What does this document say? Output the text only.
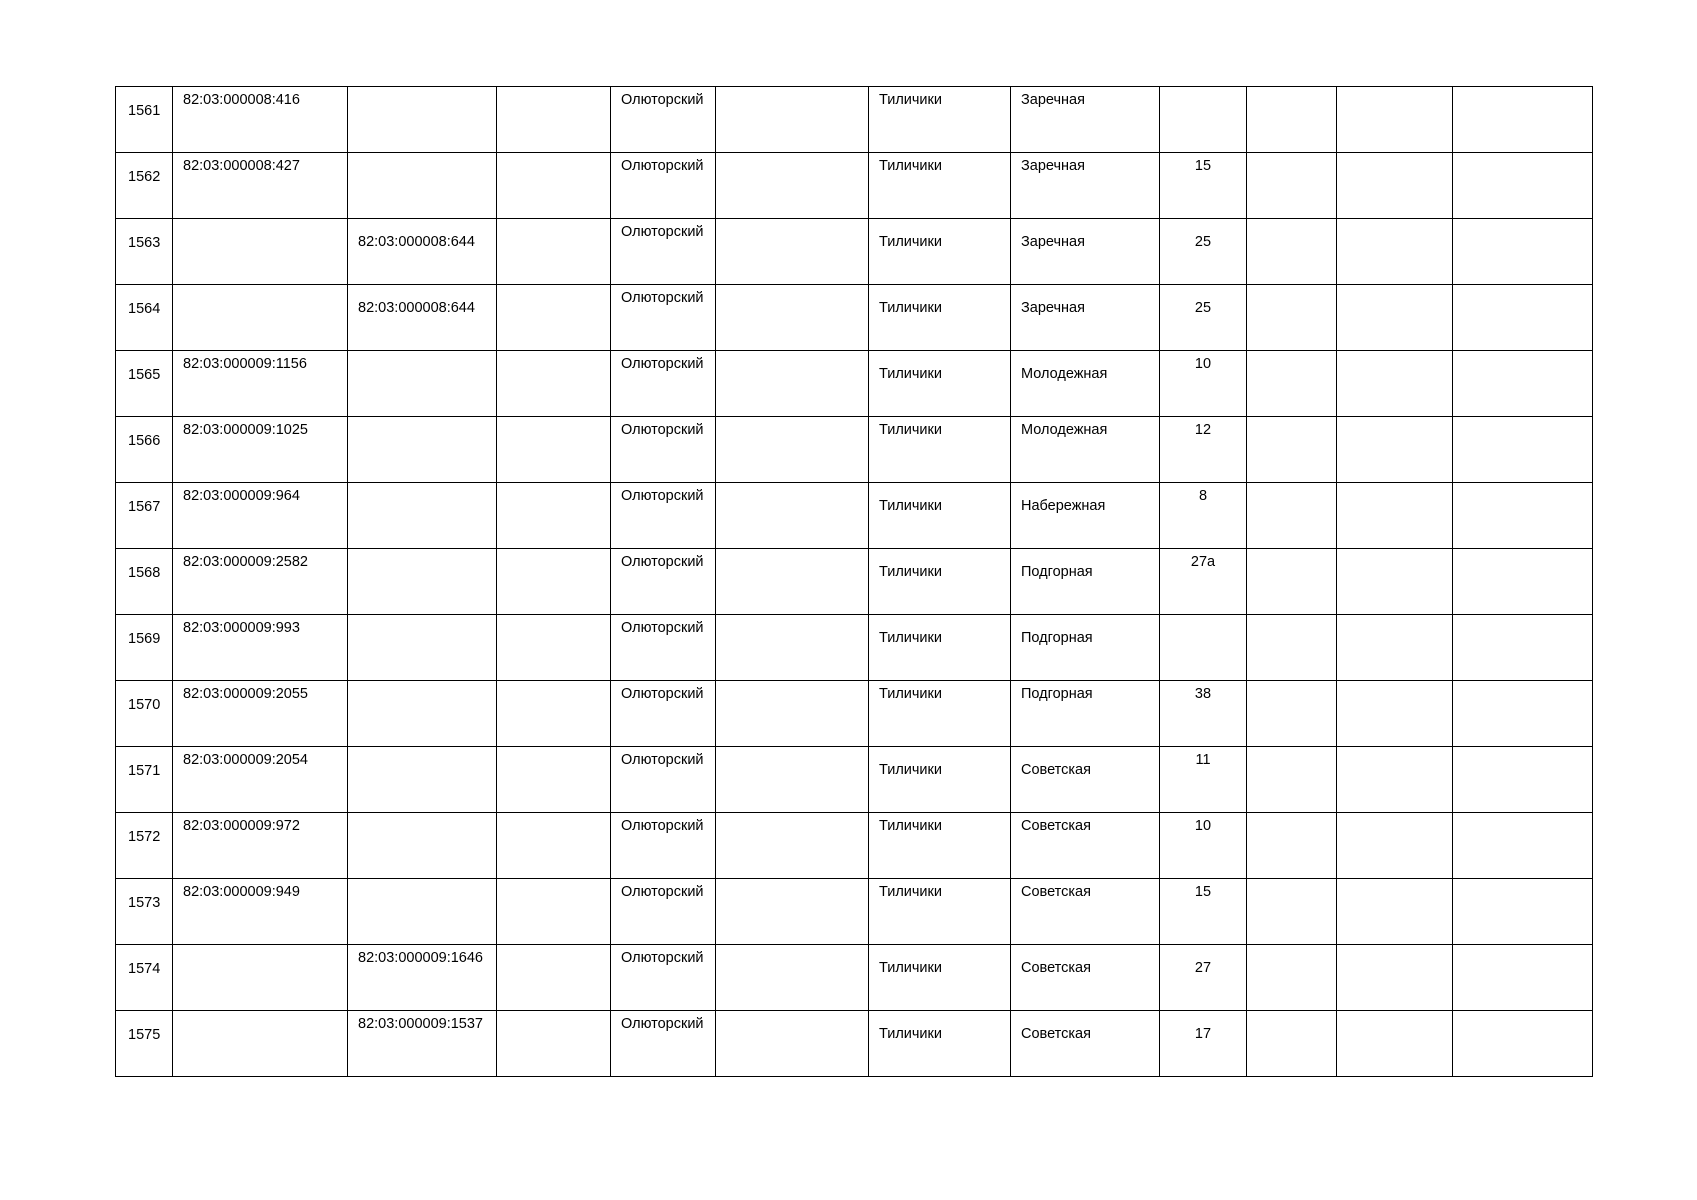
1561	82:03:000008:416			Олюторский		Тиличики	Заречная				

1562	82:03:000008:427			Олюторский		Тиличики	Заречная	15			

1563		82:03:000008:644		Олюторский		Тиличики	Заречная	25			

1564		82:03:000008:644		Олюторский		Тиличики	Заречная	25			

1565	82:03:000009:1156			Олюторский		Тиличики	Молодежная	10			

1566	82:03:000009:1025			Олюторский		Тиличики	Молодежная	12			

1567	82:03:000009:964			Олюторский		Тиличики	Набережная	8			

1568	82:03:000009:2582			Олюторский		Тиличики	Подгорная	27а			

1569	82:03:000009:993			Олюторский		Тиличики	Подгорная				

1570	82:03:000009:2055			Олюторский		Тиличики	Подгорная	38			

1571	82:03:000009:2054			Олюторский		Тиличики	Советская	11			

1572	82:03:000009:972			Олюторский		Тиличики	Советская	10			

1573	82:03:000009:949			Олюторский		Тиличики	Советская	15			

1574		82:03:000009:1646		Олюторский		Тиличики	Советская	27			

1575		82:03:000009:1537		Олюторский		Тиличики	Советская	17			
